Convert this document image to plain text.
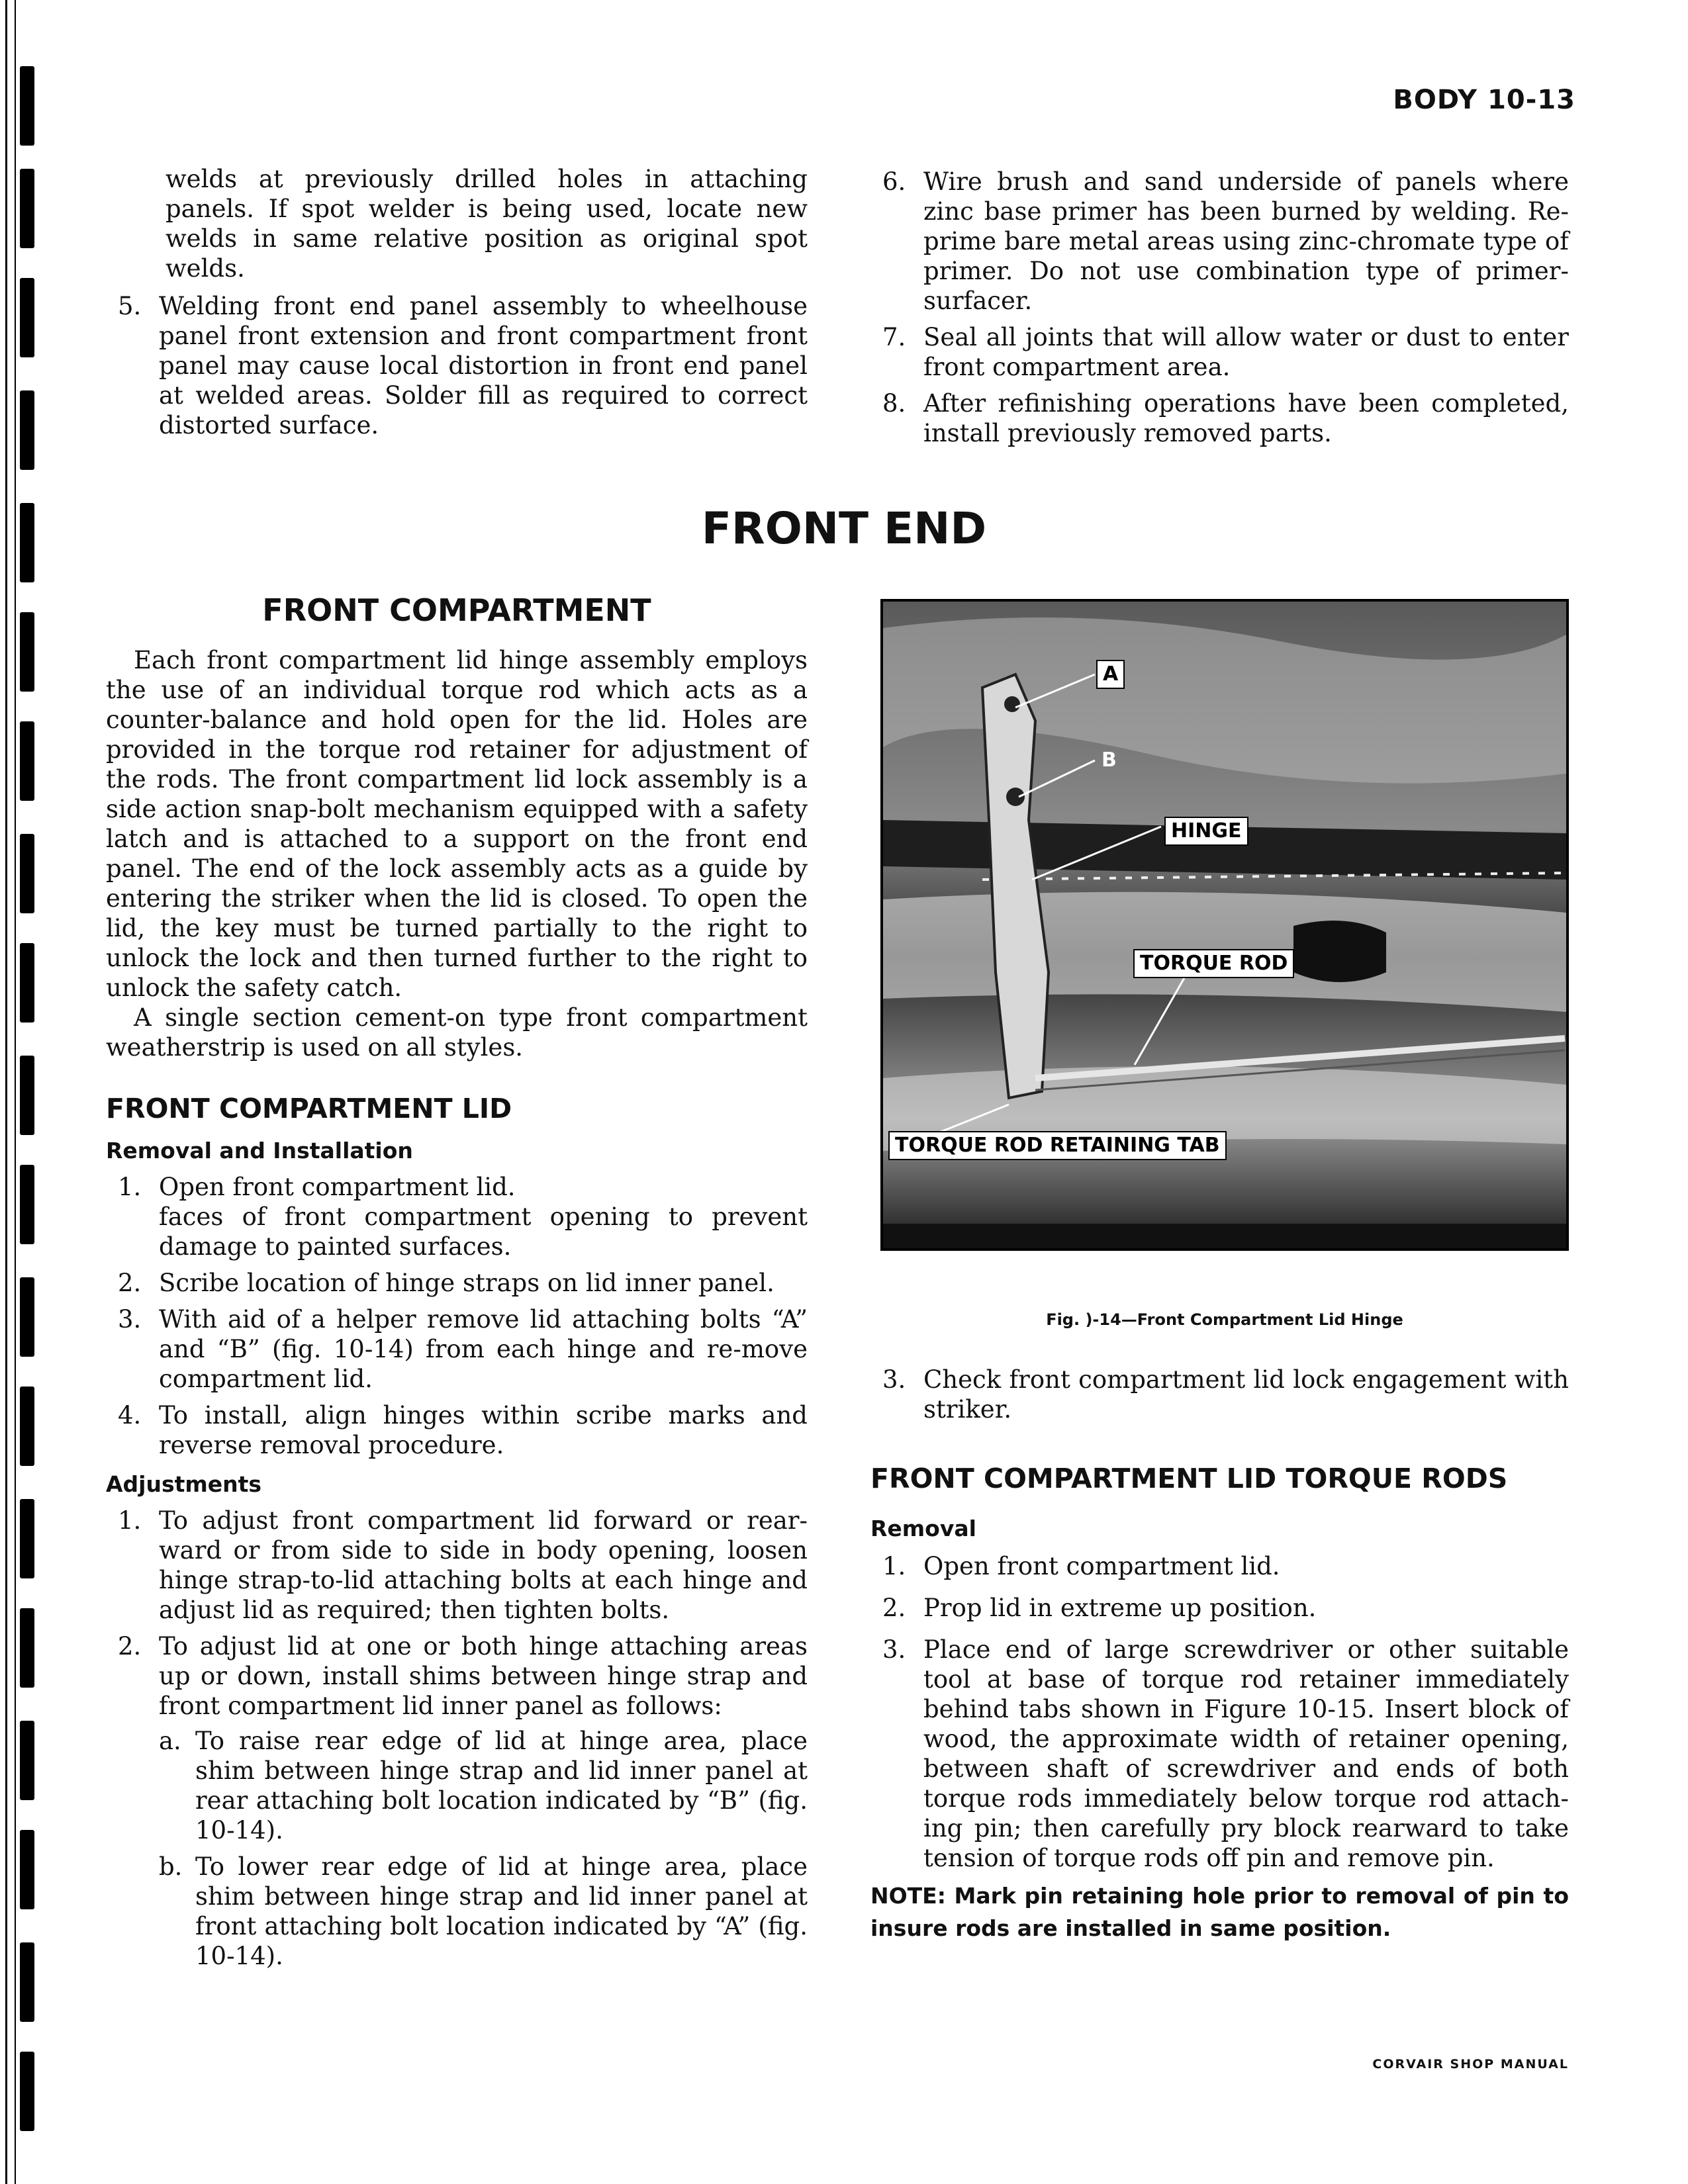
BODY 10-13

welds at previously drilled holes in attaching panels. If spot welder is being used, locate new welds in same relative position as original spot welds.

5. Welding front end panel assembly to wheelhouse panel front extension and front compartment front panel may cause local distortion in front end panel at welded areas. Solder fill as required to correct distorted surface.
6. Wire brush and sand underside of panels where zinc base primer has been burned by welding. Re-prime bare metal areas using zinc-chromate type of primer. Do not use combination type of primer-surfacer.
7. Seal all joints that will allow water or dust to enter front compartment area.
8. After refinishing operations have been completed, install previously removed parts.
FRONT END
FRONT COMPARTMENT

Each front compartment lid hinge assembly employs the use of an individual torque rod which acts as a counter-balance and hold open for the lid. Holes are provided in the torque rod retainer for adjustment of the rods. The front compartment lid lock assembly is a side action snap-bolt mechanism equipped with a safety latch and is attached to a support on the front end panel. The end of the lock assembly acts as a guide by entering the striker when the lid is closed. To open the lid, the key must be turned partially to the right to unlock the lock and then turned further to the right to unlock the safety catch.

A single section cement-on type front compartment weatherstrip is used on all styles.

FRONT COMPARTMENT LID
Removal and Installation
1. Open front compartment lid.
faces of front compartment opening to prevent damage to painted surfaces.
2. Scribe location of hinge straps on lid inner panel.
3. With aid of a helper remove lid attaching bolts “A” and “B” (fig. 10-14) from each hinge and re-move compartment lid.
4. To install, align hinges within scribe marks and reverse removal procedure.
Adjustments
1. To adjust front compartment lid forward or rear-ward or from side to side in body opening, loosen hinge strap-to-lid attaching bolts at each hinge and adjust lid as required; then tighten bolts.
2. To adjust lid at one or both hinge attaching areas up or down, install shims between hinge strap and front compartment lid inner panel as follows:
a. To raise rear edge of lid at hinge area, place shim between hinge strap and lid inner panel at rear attaching bolt location indicated by “B” (fig. 10-14).
b. To lower rear edge of lid at hinge area, place shim between hinge strap and lid inner panel at front attaching bolt location indicated by “A” (fig. 10-14).
A
B
HINGE
TORQUE ROD
TORQUE ROD RETAINING TAB
Fig. )-14—Front Compartment Lid Hinge
3. Check front compartment lid lock engagement with striker.
FRONT COMPARTMENT LID TORQUE RODS
Removal
1. Open front compartment lid.
2. Prop lid in extreme up position.
3. Place end of large screwdriver or other suitable tool at base of torque rod retainer immediately behind tabs shown in Figure 10-15. Insert block of wood, the approximate width of retainer opening, between shaft of screwdriver and ends of both torque rods immediately below torque rod attach-ing pin; then carefully pry block rearward to take tension of torque rods off pin and remove pin.

NOTE: Mark pin retaining hole prior to removal of pin to insure rods are installed in same position.

CORVAIR SHOP MANUAL
